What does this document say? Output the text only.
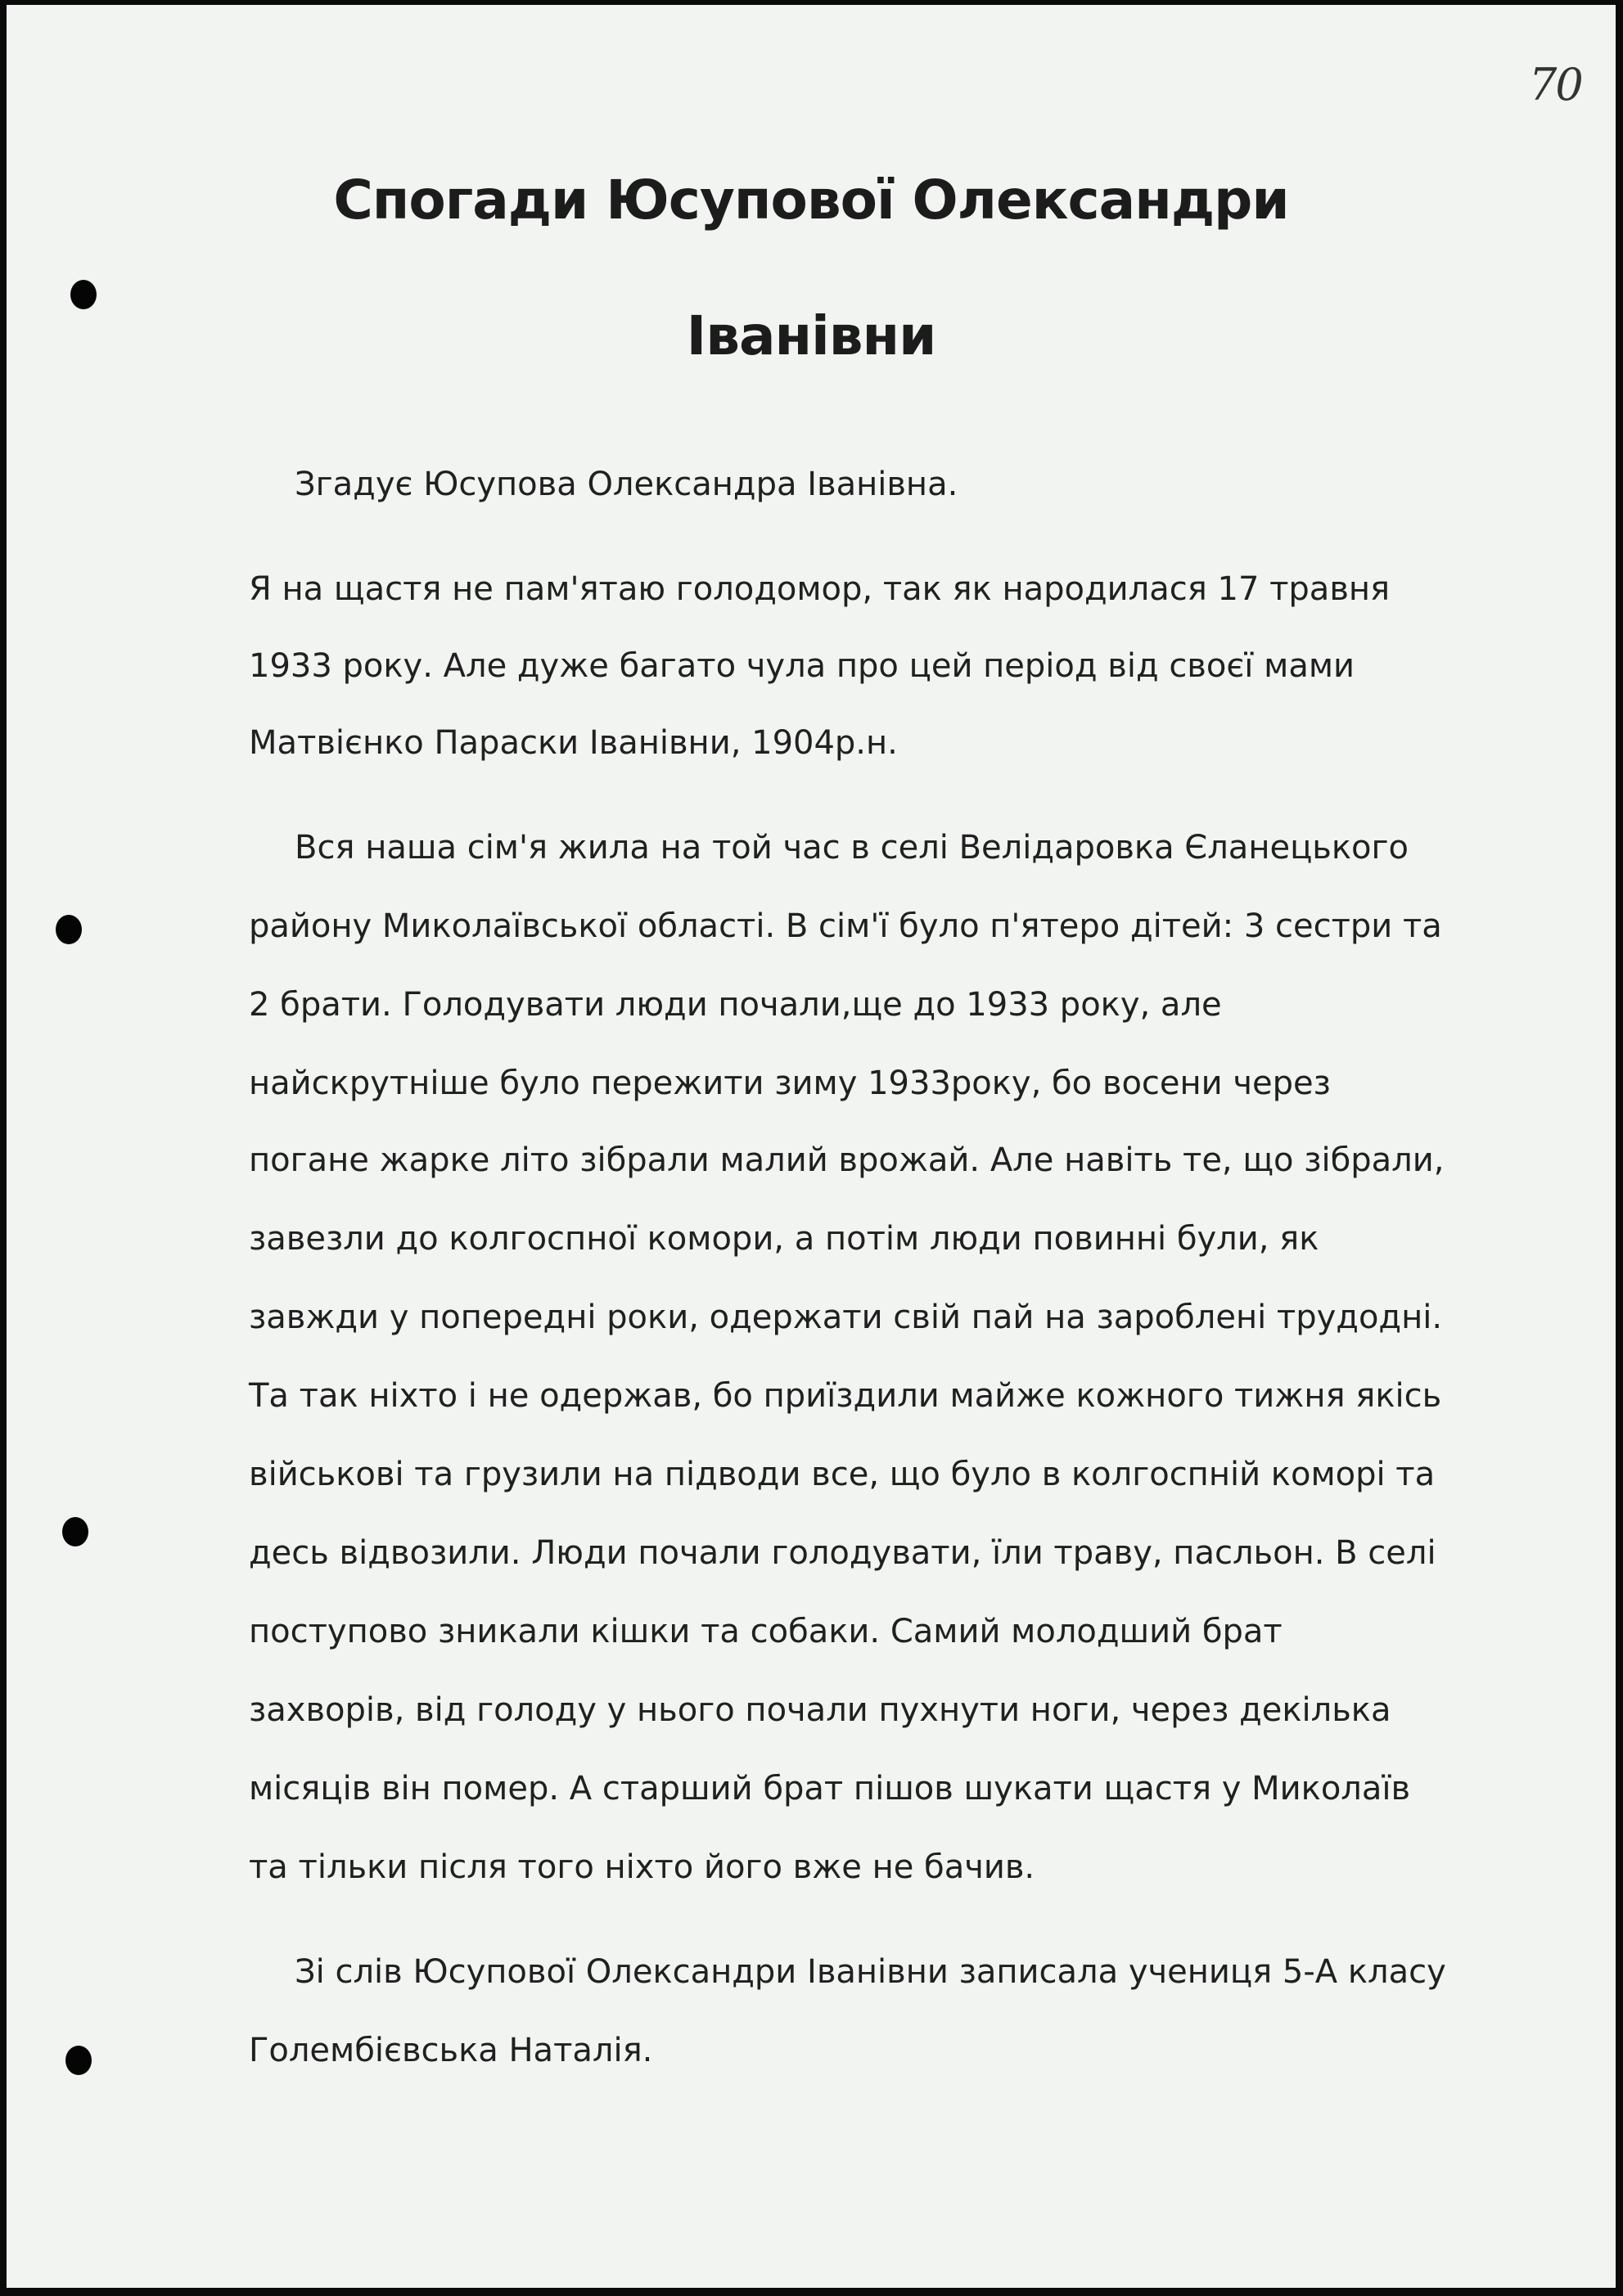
70
Спогади Юсупової Олександри
Іванівни
Згадує Юсупова Олександра Іванівна.
Я на щастя не пам'ятаю голодомор, так як народилася 17 травня
1933 року. Але дуже багато чула про цей період від своєї мами
Матвієнко Параски Іванівни, 1904р.н.
Вся наша сім'я жила на той час в селі Велідаровка Єланецького
району Миколаївської області. В сім'ї було п'ятеро дітей: 3 сестри та
2 брати. Голодувати люди почали,ще до 1933 року, але
найскрутніше було пережити зиму 1933року, бо восени через
погане жарке літо зібрали малий врожай. Але навіть те, що зібрали,
завезли до колгоспної комори, а потім люди повинні були, як
завжди у попередні роки, одержати свій пай на зароблені трудодні.
Та так ніхто і не одержав, бо приїздили майже кожного тижня якісь
військові та грузили на підводи все, що було в колгоспній коморі та
десь відвозили. Люди почали голодувати, їли траву, пасльон. В селі
поступово зникали кішки та собаки. Самий молодший брат
захворів, від голоду у нього почали пухнути ноги, через декілька
місяців він помер. А старший брат пішов шукати щастя у Миколаїв
та тільки після того ніхто його вже не бачив.
Зі слів Юсупової Олександри Іванівни записала учениця 5-А класу
Голембієвська Наталія.
